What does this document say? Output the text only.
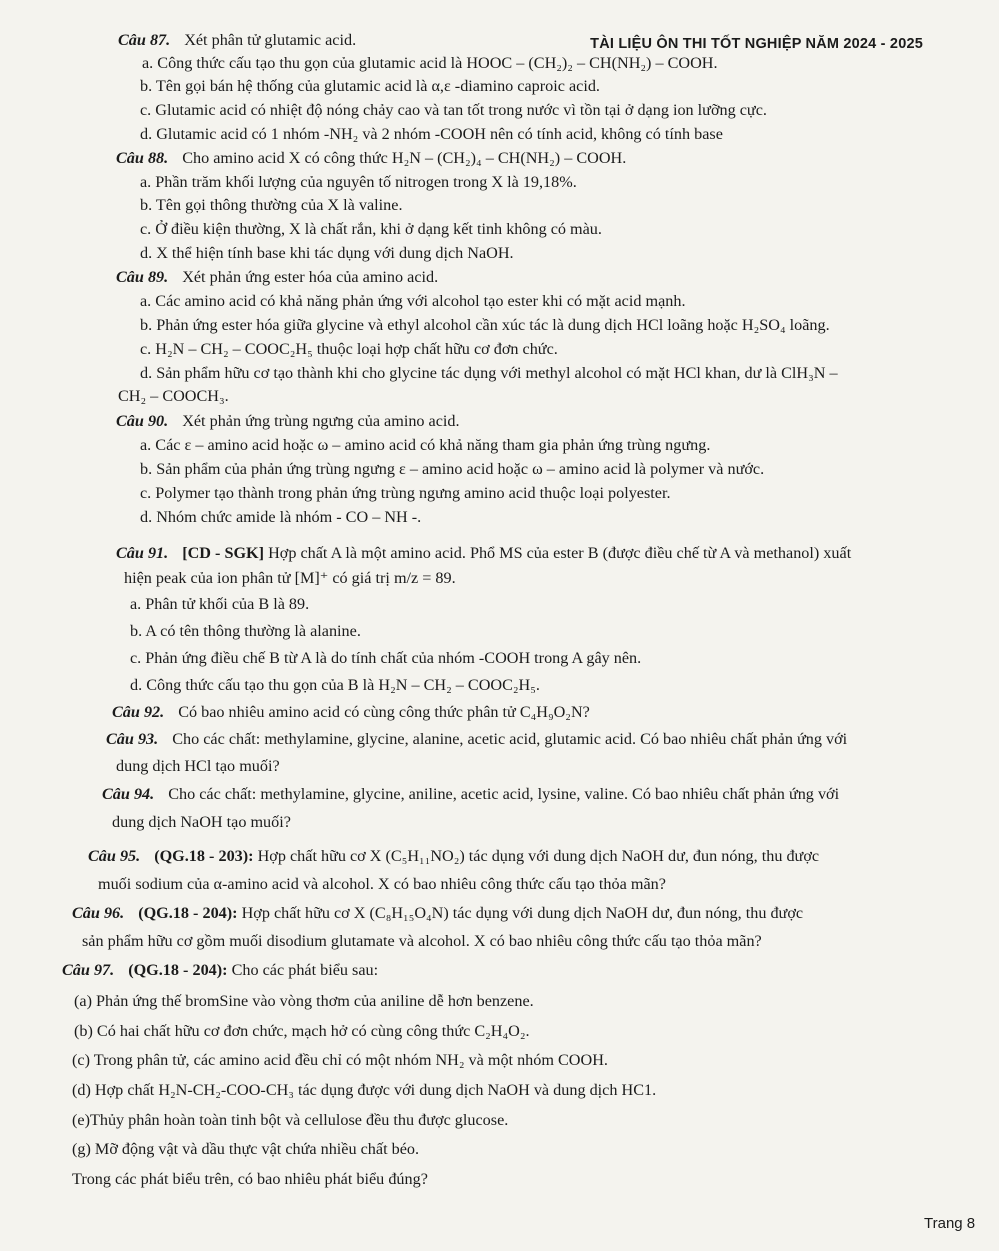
TÀI LIỆU ÔN THI TỐT NGHIỆP NĂM 2024 - 2025
Câu 87. Xét phân tử glutamic acid.
a. Công thức cấu tạo thu gọn của glutamic acid là HOOC – (CH₂)₂ – CH(NH₂) – COOH.
b. Tên gọi bán hệ thống của glutamic acid là α,ε -diamino caproic acid.
c. Glutamic acid có nhiệt độ nóng chảy cao và tan tốt trong nước vì tồn tại ở dạng ion lưỡng cực.
d. Glutamic acid có 1 nhóm -NH₂ và 2 nhóm -COOH nên có tính acid, không có tính base
Câu 88. Cho amino acid X có công thức H₂N – (CH₂)₄ – CH(NH₂) – COOH.
a. Phần trăm khối lượng của nguyên tố nitrogen trong X là 19,18%.
b. Tên gọi thông thường của X là valine.
c. Ở điều kiện thường, X là chất rắn, khi ở dạng kết tinh không có màu.
d. X thể hiện tính base khi tác dụng với dung dịch NaOH.
Câu 89. Xét phản ứng ester hóa của amino acid.
a. Các amino acid có khả năng phản ứng với alcohol tạo ester khi có mặt acid mạnh.
b. Phản ứng ester hóa giữa glycine và ethyl alcohol cần xúc tác là dung dịch HCl loãng hoặc H₂SO₄ loãng.
c. H₂N – CH₂ – COOC₂H₅ thuộc loại hợp chất hữu cơ đơn chức.
d. Sản phẩm hữu cơ tạo thành khi cho glycine tác dụng với methyl alcohol có mặt HCl khan, dư là ClH₃N –
CH₂ – COOCH₃.
Câu 90. Xét phản ứng trùng ngưng của amino acid.
a. Các ε – amino acid hoặc ω – amino acid có khả năng tham gia phản ứng trùng ngưng.
b. Sản phẩm của phản ứng trùng ngưng ε – amino acid hoặc ω – amino acid là polymer và nước.
c. Polymer tạo thành trong phản ứng trùng ngưng amino acid thuộc loại polyester.
d. Nhóm chức amide là nhóm - CO – NH -.
Câu 91. [CD - SGK] Hợp chất A là một amino acid. Phổ MS của ester B (được điều chế từ A và methanol) xuất
hiện peak của ion phân tử [M]⁺ có giá trị m/z = 89.
a. Phân tử khối của B là 89.
b. A có tên thông thường là alanine.
c. Phản ứng điều chế B từ A là do tính chất của nhóm -COOH trong A gây nên.
d. Công thức cấu tạo thu gọn của B là H₂N – CH₂ – COOC₂H₅.
Câu 92. Có bao nhiêu amino acid có cùng công thức phân tử C₄H₉O₂N?
Câu 93. Cho các chất: methylamine, glycine, alanine, acetic acid, glutamic acid. Có bao nhiêu chất phản ứng với
dung dịch HCl tạo muối?
Câu 94. Cho các chất: methylamine, glycine, aniline, acetic acid, lysine, valine. Có bao nhiêu chất phản ứng với
dung dịch NaOH tạo muối?
Câu 95. (QG.18 - 203): Hợp chất hữu cơ X (C₅H₁₁NO₂) tác dụng với dung dịch NaOH dư, đun nóng, thu được
muối sodium của α-amino acid và alcohol. X có bao nhiêu công thức cấu tạo thỏa mãn?
Câu 96. (QG.18 - 204): Hợp chất hữu cơ X (C₈H₁₅O₄N) tác dụng với dung dịch NaOH dư, đun nóng, thu được
sản phẩm hữu cơ gồm muối disodium glutamate và alcohol. X có bao nhiêu công thức cấu tạo thỏa mãn?
Câu 97. (QG.18 - 204): Cho các phát biểu sau:
(a) Phản ứng thế bromSine vào vòng thơm của aniline dễ hơn benzene.
(b) Có hai chất hữu cơ đơn chức, mạch hở có cùng công thức C₂H₄O₂.
(c) Trong phân tử, các amino acid đều chỉ có một nhóm NH₂ và một nhóm COOH.
(d) Hợp chất H₂N-CH₂-COO-CH₃ tác dụng được với dung dịch NaOH và dung dịch HC1.
(e)Thủy phân hoàn toàn tinh bột và cellulose đều thu được glucose.
(g) Mỡ động vật và dầu thực vật chứa nhiều chất béo.
Trong các phát biểu trên, có bao nhiêu phát biểu đúng?
Trang 8
